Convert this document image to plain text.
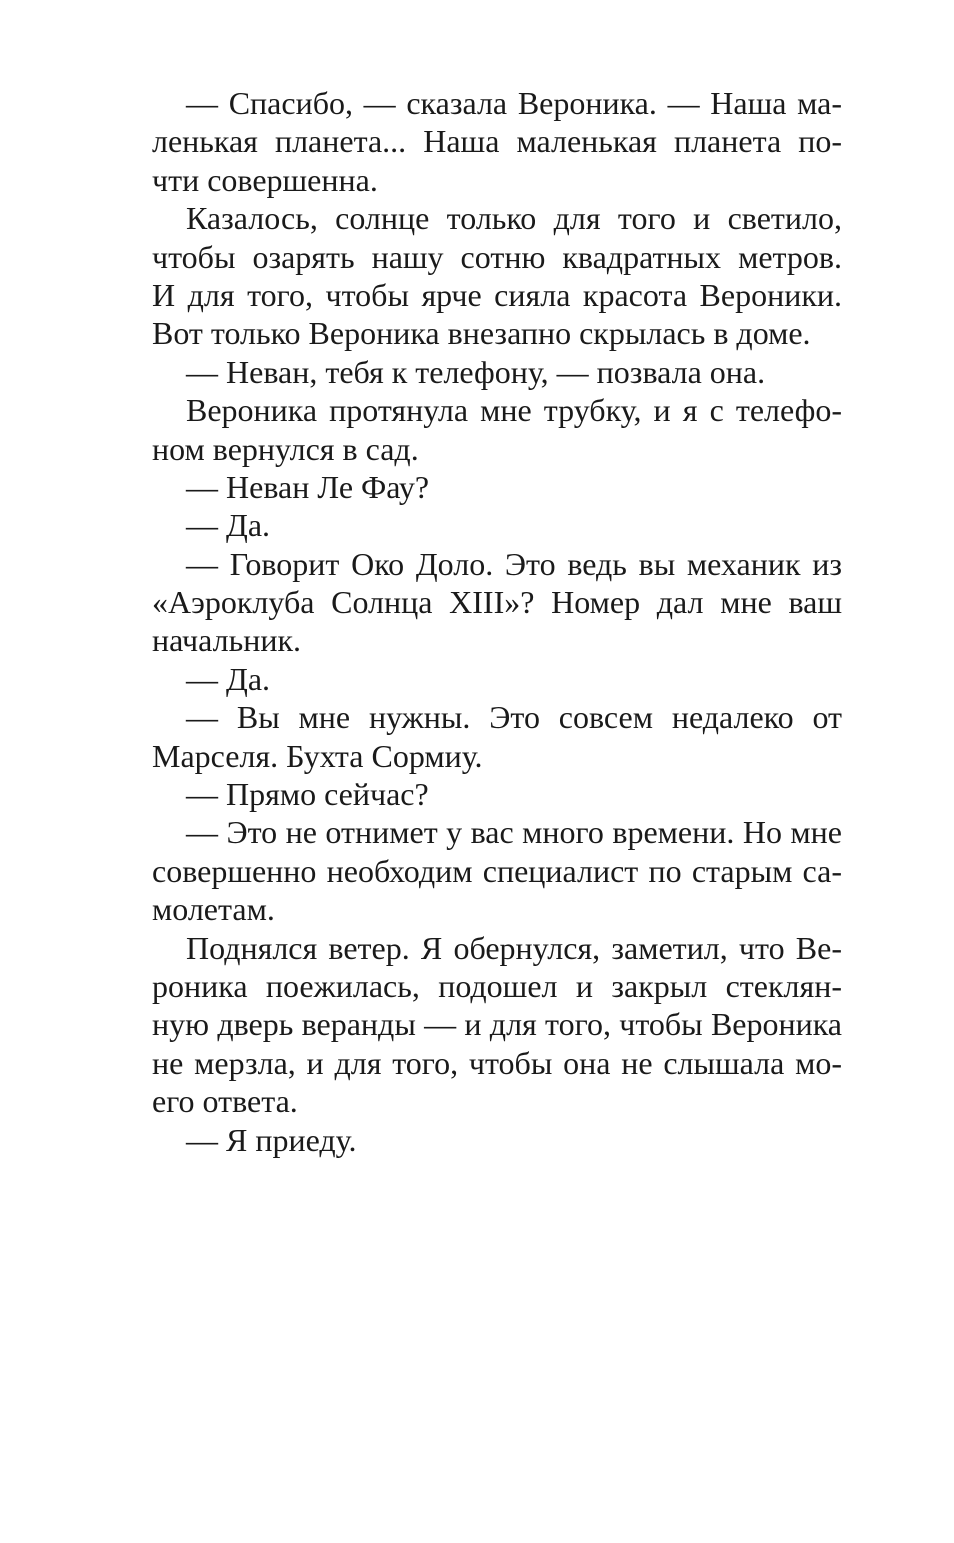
— Спасибо, — сказала Вероника. — Наша ма-
ленькая планета... Наша маленькая планета по-
чти совершенна.
Казалось, солнце только для того и светило,
чтобы озарять нашу сотню квадратных метров.
И для того, чтобы ярче сияла красота Вероники.
Вот только Вероника внезапно скрылась в доме.
— Неван, тебя к телефону, — позвала она.
Вероника протянула мне трубку, и я с телефо-
ном вернулся в сад.
— Неван Ле Фау?
— Да.
— Говорит Око Доло. Это ведь вы механик из
«Аэроклуба Солнца XIII»? Номер дал мне ваш
начальник.
— Да.
— Вы мне нужны. Это совсем недалеко от
Марселя. Бухта Сормиу.
— Прямо сейчас?
— Это не отнимет у вас много времени. Но мне
совершенно необходим специалист по старым са-
молетам.
Поднялся ветер. Я обернулся, заметил, что Ве-
роника поежилась, подошел и закрыл стеклян-
ную дверь веранды — и для того, чтобы Вероника
не мерзла, и для того, чтобы она не слышала мо-
его ответа.
— Я приеду.
